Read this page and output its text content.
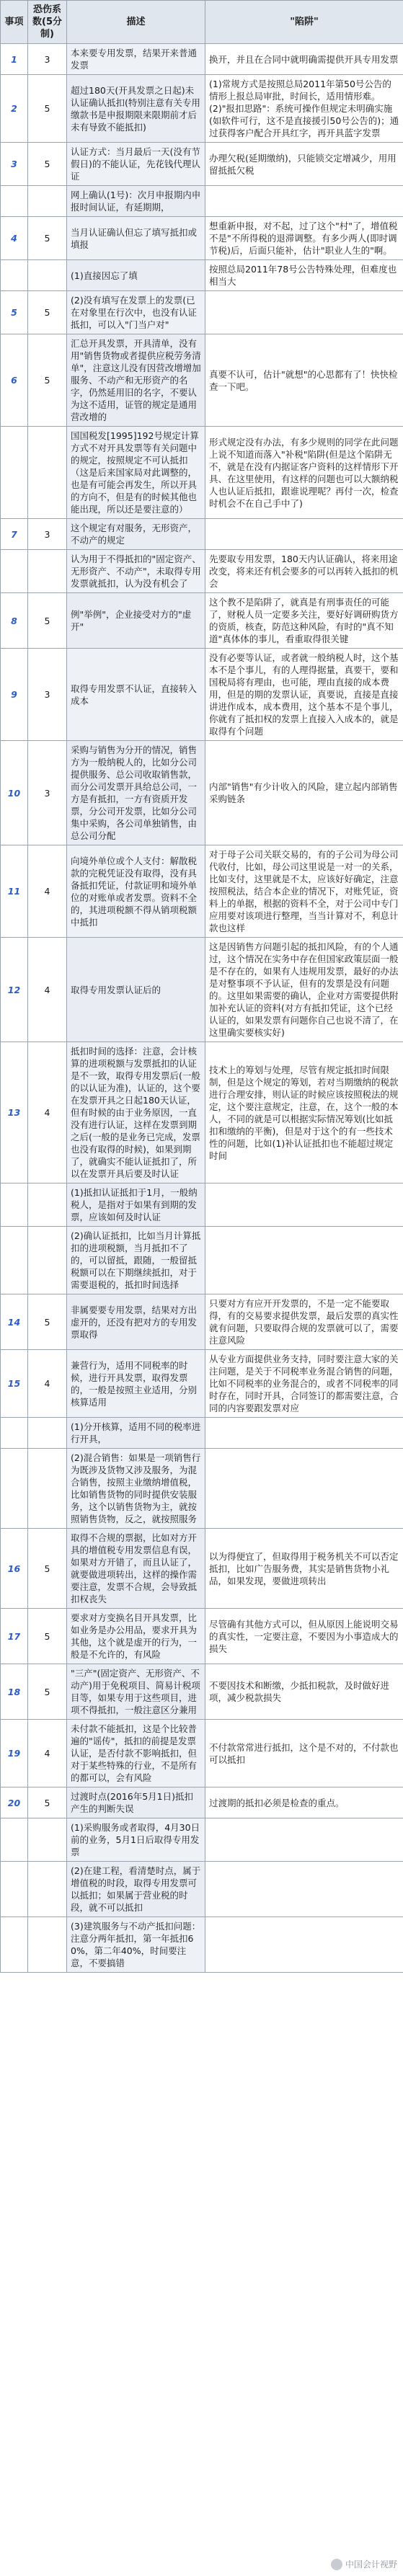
事项	恐伤系数(5分制)	描述	"陷阱"
1	3	本来要专用发票，结果开来普通发票	换开，并且在合同中就明确需提供开具专用发票
2	5	超过180天(开具发票之日起)未认证确认抵扣(特别注意有关专用缴款书是申报期限来限期前才后未有导致不能抵扣)	(1)常规方式是按照总局2011年第50号公告的情形上报总局审批，时间长，适用情形难。(2)"报扣思路"：系统可操作但规定未明确实施(如软件可行，这不是直接援引50号公告的)；通过获得客户配合开具红字，再开具蓝字发票
3	5	认证方式：当月最后一天(没有节假日)的不能认证，先花钱代理认证	办理欠税(延期缴纳)，只能锁交定增减少，用用留抵抵欠税
		网上确认(1号)：次月申报期内申报时间认证，有延期期，	
4	5	当月认证确认但忘了填写抵扣或填报	想重新申报，对不起，过了这个"村"了，增值税不是"不所得税的退滞调整。有多少两人(即时调节税)后，后面只能补，估计"职业人生的"啊。
		(1)直接因忘了填	按照总局2011年78号公告特殊处理，但难度也相当大
5	5	(2)没有填写在发票上的发票(已在对象里在行次中，也没有认证抵扣，可以入"门当户对"	
6	5	汇总开具发票，开具清单，没有用"销售货物或者提供应税劳务清单"，注意这儿没有因营改增增加服务、不动产和无形资产的名字，仍然延用旧的名字，不要认为这不适用，证管的规定是通用营改增的	真要不认可，估计"就想"的心思都有了！快快检查一下吧。
		国国税发[1995]192号规定计算方式不对开具发票等有关问题中的规定，按照规定不可认抵扣（这是后来国家局对此调整的，也是有可能会再发生，所以开具的方向不，但是有的时候其他也能出现，所以还是要注意的）	形式规定没有办法，有多少规则的同学在此问题上说不知道而落入"补税"陷阱(但是这个陷阱无不，就是在没有内据证客户资料的这样情形下开具、在这里使用，有这样的问题也可以大额纳税人也认证后抵扣，跟谁说理呢？再付一次，检查时机会不在自己手中了)
7	3	这个规定有对服务，无形资产，不动产的规定	
		认为用于不得抵扣的"固定资产、无形资产、不动产"，未取得专用发票就抵扣，认为没有机会了	先要取专用发票，180天内认证确认，将来用途改变，将来还有机会要多的可以再转入抵扣的机会
8	5	例"举例"，企业接受对方的"虚开"	这个教不是陷阱了，就真是有刑事责任的可能了，财税人员一定要多关注，要好好调研购货方的资质，核查，防范这种风险，有时的"真不知道"真体体的事儿，看重取得很关键
9	3	取得专用发票不认证，直接转入成本	没有必要等认证，或者就一般纳税人时，这个基本不是个事儿，有的人理得据量，真要干，要和国税局将有理由，也可能，理由直接的成本费用，但是的期的发票认证，真要说，直接是直接讲进作成本，成本费用，这个基本不是个事儿，你就有了抵扣权的发票上直接入入成本的，就是取得有个问题
10	3	采购与销售为分开的情况，销售方为一般纳税人的，比如分公司提供服务、总公司收取销售款，而分公司发票开具给总公司，一方是有抵扣，一方有资质开发票，分公司开发票，比如分公司集中采购，各公司单独销售，由总公司分配	内部"销售"有少计收入的风险，建立起内部销售采购链条
11	4	向境外单位或个人支付：解散税款的完税凭证没有取得，没有具备抵扣凭证，付款证明和境外单位的对账单或者发票。资料不全的，其进项税额不得从销项税额中抵扣	对于母子公司关联交易的，有的子公司为母公司代收付，比如，母公司这里说是一对一的关系，比如支付，这里就是不太，应该好好确定，注意按照税法，结合本企业的情况下，对账凭证，资料上的单据，根据的资料不全，对于公司中专门应用要对该项进行整理，当当计算对不，利息计款也这样
12	4	取得专用发票认证后的	这是因销售方问题引起的抵扣风险，有的个人通过，这个情况在实务中存在但国家政策层面一般是不存在的，如果有人违规用发票，最好的办法是对整事项不予认证，但有的发票是没有问题的。这里如果需要的确认，企业对方需要提供附加补充认证的资料(对方有抵扣凭证，这个已经认证的，如果发票有问题你自己也说不清了，在这里确实要核实好)
13	4	抵扣时间的选择：注意，会计核算的进项税额与发票抵扣的认证是不一致，取得专用发票后(一般的以认证为准)，认证的，这个要在发票开具之日起180天认证，但有时候的由于业务原因，一直没有进行认证，这样在发票到期之后(一般的是业务已完成，发票也没有取得的时候)，如果到期了，就确实不能认证抵扣了，所以在发票开具后要及时认证	技术上的筹划与处理，尽管有规定抵扣时间限制，但是这个规定的筹划，若对当期缴纳的税款进行合理安排，则认证的时候应该按照税法的规定，这个要注意规定，注意，在，这个一般的本人，不同的就是可以根据实际情况筹划(比如抵扣和缴纳的平衡)，但是对于这个的有一些技术性的问题，比如(1)补认证抵扣也不能超过规定时间
		(1)抵扣认证抵扣于1月，一般纳税人，是指对于如果有到期的发票，应该如何及时认证	
		(2)确认证抵扣，比如当月计算抵扣的进项税额，当月抵扣不了的，可以留抵，跟随，一般留抵税额可以在下期继续抵扣，对于需要退税的，抵扣时间选择	
14	5	非属要要专用发票，结果对方出虚开的，还没有把对方的专用发票取得	只要对方有应开开发票的，不是一定不能要取得，有的交易要求提供发票，最后发票的真实性就有问题，只要取得合规的发票就可以了，需要注意风险
15	4	兼营行为，适用不同税率的时候，进行开具发票，取得发票的，一般是按照主业适用，分别核算适用	从专业方面提供业务支持，同时要注意大家的关注问题，是关于不同税率业务混合销售的问题，比如不同税率的业务混合的，或者不同税率的同时存在，同时开具，合同签订的都需要注意，合同的内容要跟发票对应
		(1)分开核算，适用不同的税率进行开具，	
		(2)混合销售：如果是一项销售行为既涉及货物又涉及服务，为混合销售，按照主业缴纳增值税，比如销售货物的同时提供安装服务，这个以销售货物为主，就按照销售货物，反之，就按照服务	
16	5	取得不合规的票据，比如对方开具的增值税专用发票信息有误，如果对方开错了，而且认证了，就要做进项转出，这样的操作需要注意，发票不合规，会导致抵扣权丧失	以为得便宜了，但取得用于税务机关不可以否定抵扣，比如广告服务费，其实是销售货物小礼品，如果发现，要做进项转出
17	5	要求对方变换名目开具发票，比如业务是办公用品，要求开具为其他，这个就是虚开的行为，一般是不允许的，有风险	尽管确有其他方式可以，但从原因上能说明交易的真实性，一定要注意，不要因为小事造成大的损失
18	5	"三产"(固定资产、无形资产、不动产)用于免税项目、简易计税项目等，如果专用于这些项目，进项不得抵扣，一般注意区分兼用	不要因技术和断缴，少抵扣税款，及时做好进项，减少税款损失
19	4	未付款不能抵扣，这是个比较普遍的"谣传"，抵扣的前提是发票认证，是否付款不影响抵扣，但对于某些特殊的行业，不是所有的都可以，会有风险	不付款常常进行抵扣，这个是不对的，不付款也可以抵扣
20	5	过渡时点(2016年5月1日)抵扣产生的判断失误	过渡期的抵扣必须是检查的重点。
		(1)采购服务或者取得，4月30日前的业务，5月1日后取得专用发票	
		(2)在建工程，看清楚时点，属于增值税的时段，取得专用发票可以抵扣；如果属于营业税的时段，就不可以抵扣	
		(3)建筑服务与不动产抵扣问题：注意分两年抵扣，第一年抵扣60%，第二年40%，时间要注意，不要搞错	
中国会计视野
